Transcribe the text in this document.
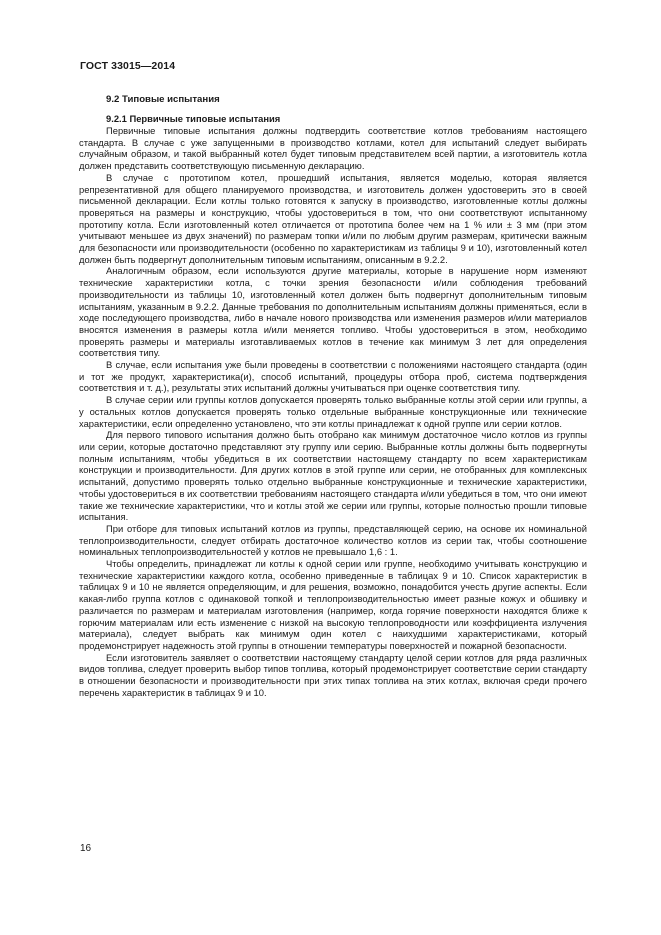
ГОСТ 33015—2014

9.2 Типовые испытания

9.2.1 Первичные типовые испытания

Первичные типовые испытания должны подтвердить соответствие котлов требованиям настоящего стандарта. В случае с уже запущенными в производство котлами, котел для испытаний следует выбирать случайным образом, и такой выбранный котел будет типовым представителем всей партии, а изготовитель котла должен представить соответствующую письменную декларацию.

В случае с прототипом котел, прошедший испытания, является моделью, которая является репрезентативной для общего планируемого производства, и изготовитель должен удостоверить это в своей письменной декларации. Если котлы только готовятся к запуску в производство, изготовленные котлы должны проверяться на размеры и конструкцию, чтобы удостовериться в том, что они соответствуют испытанному прототипу котла. Если изготовленный котел отличается от прототипа более чем на 1 % или ± 3 мм (при этом учитывают меньшее из двух значений) по размерам топки и/или по любым другим размерам, критически важным для безопасности или производительности (особенно по характеристикам из таблицы 9 и 10), изготовленный котел должен быть подвергнут дополнительным типовым испытаниям, описанным в 9.2.2.

Аналогичным образом, если используются другие материалы, которые в нарушение норм изменяют технические характеристики котла, с точки зрения безопасности и/или соблюдения требований производительности из таблицы 10, изготовленный котел должен быть подвергнут дополнительным типовым испытаниям, указанным в 9.2.2. Данные требования по дополнительным испытаниям должны применяться, если в ходе последующего производства, либо в начале нового производства или изменения размеров и/или материалов вносятся изменения в размеры котла и/или меняется топливо. Чтобы удостовериться в этом, необходимо проверять размеры и материалы изготавливаемых котлов в течение как минимум 3 лет для определения соответствия типу.

В случае, если испытания уже были проведены в соответствии с положениями настоящего стандарта (один и тот же продукт, характеристика(и), способ испытаний, процедуры отбора проб, система подтверждения соответствия и т. д.), результаты этих испытаний должны учитываться при оценке соответствия типу.

В случае серии или группы котлов допускается проверять только выбранные котлы этой серии или группы, а у остальных котлов допускается проверять только отдельные выбранные конструкционные или технические характеристики, если определенно установлено, что эти котлы принадлежат к одной группе или серии котлов.

Для первого типового испытания должно быть отобрано как минимум достаточное число котлов из группы или серии, которые достаточно представляют эту группу или серию. Выбранные котлы должны быть подвергнуты полным испытаниям, чтобы убедиться в их соответствии настоящему стандарту по всем характеристикам конструкции и производительности. Для других котлов в этой группе или серии, не отобранных для комплексных испытаний, допустимо проверять только отдельно выбранные конструкционные и технические характеристики, чтобы удостовериться в их соответствии требованиям настоящего стандарта и/или убедиться в том, что они имеют такие же технические характеристики, что и котлы этой же серии или группы, которые полностью прошли типовые испытания.

При отборе для типовых испытаний котлов из группы, представляющей серию, на основе их номинальной теплопроизводительности, следует отбирать достаточное количество котлов из серии так, чтобы соотношение номинальных теплопроизводительностей у котлов не превышало 1,6 : 1.

Чтобы определить, принадлежат ли котлы к одной серии или группе, необходимо учитывать конструкцию и технические характеристики каждого котла, особенно приведенные в таблицах 9 и 10. Список характеристик в таблицах 9 и 10 не является определяющим, и для решения, возможно, понадобится учесть другие аспекты. Если какая-либо группа котлов с одинаковой топкой и теплопроизводительностью имеет разные кожух и обшивку и различается по размерам и материалам изготовления (например, когда горячие поверхности находятся ближе к горючим материалам или есть изменение с низкой на высокую теплопроводности или коэффициента излучения материала), следует выбрать как минимум один котел с наихудшими характеристиками, который продемонстрирует надежность этой группы в отношении температуры поверхностей и пожарной безопасности.

Если изготовитель заявляет о соответствии настоящему стандарту целой серии котлов для ряда различных видов топлива, следует проверить выбор типов топлива, который продемонстрирует соответствие серии стандарту в отношении безопасности и производительности при этих типах топлива на этих котлах, включая среди прочего перечень характеристик в таблицах 9 и 10.

16
